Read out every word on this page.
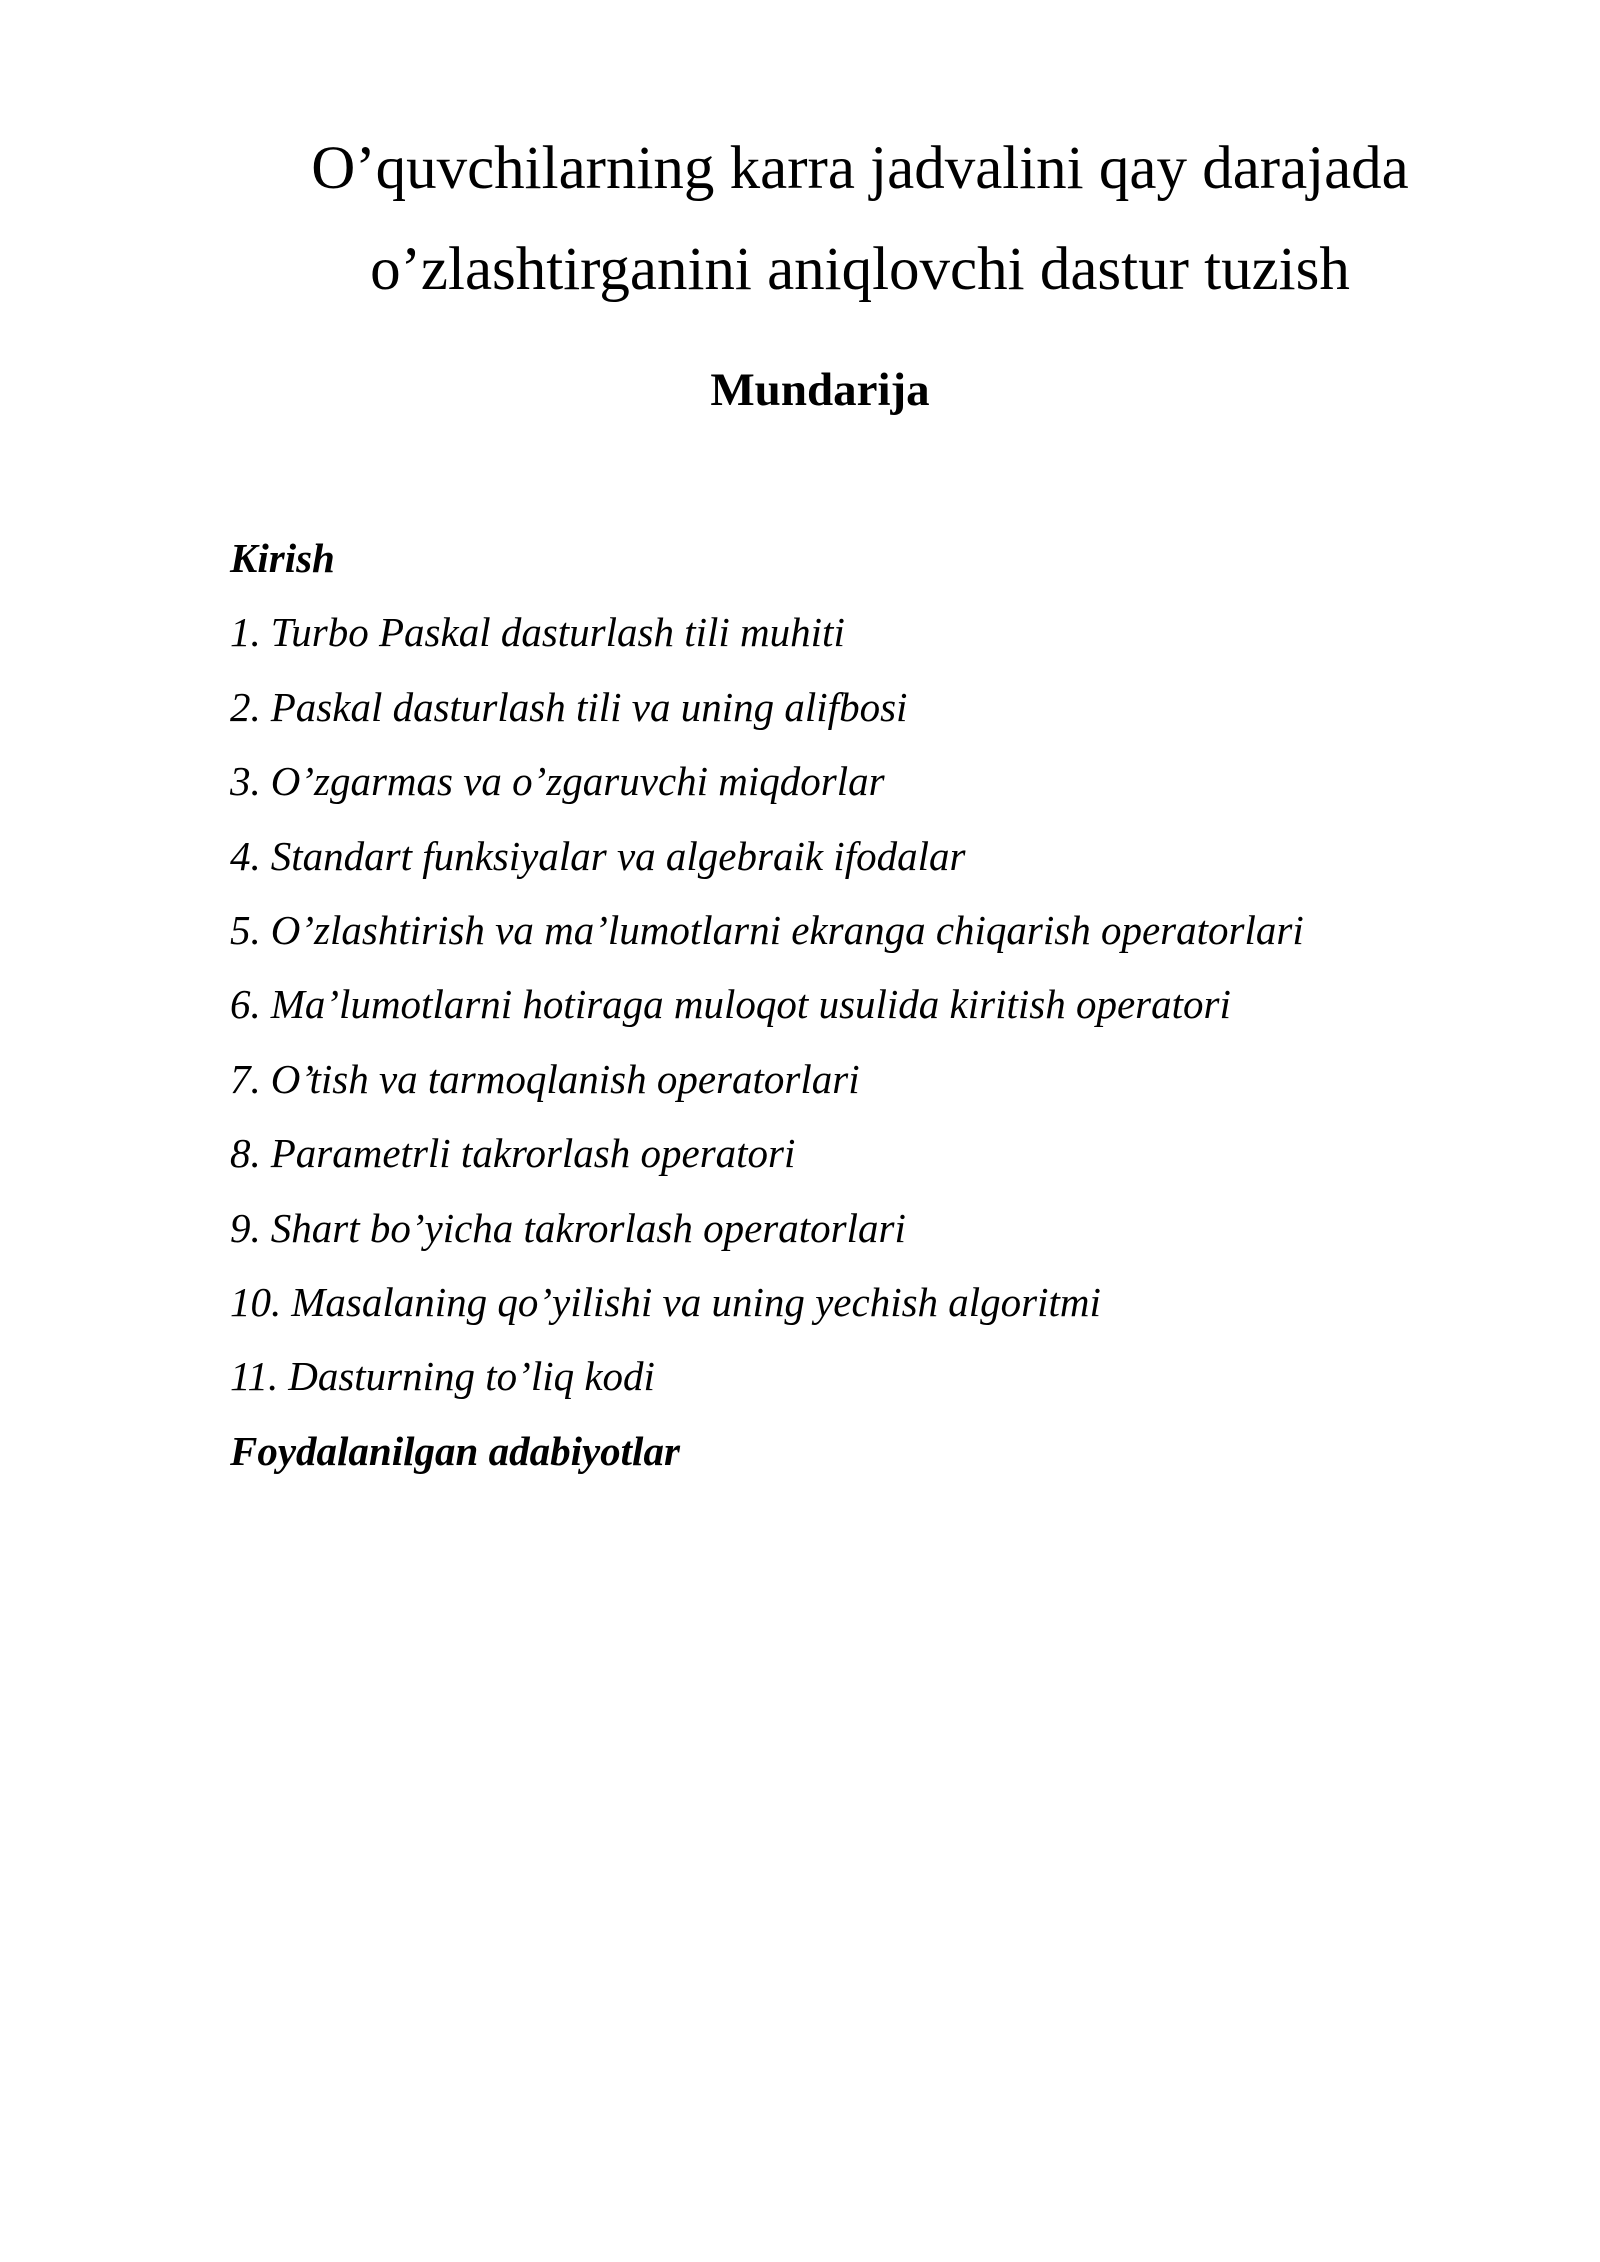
O’quvchilarning karra jadvalini qay darajada
o’zlashtirganini aniqlovchi dastur tuzish
Mundarija
Kirish
1. Turbo Paskal dasturlash tili muhiti
2. Paskal dasturlash tili va uning alifbosi
3. O’zgarmas va o’zgaruvchi miqdorlar
4. Standart funksiyalar va algebraik ifodalar
5. O’zlashtirish va ma’lumotlarni ekranga chiqarish operatorlari
6. Ma’lumotlarni hotiraga muloqot usulida kiritish operatori
7. O’tish va tarmoqlanish operatorlari
8. Parametrli takrorlash operatori
9. Shart bo’yicha takrorlash operatorlari
10. Masalaning qo’yilishi va uning yechish algoritmi
11. Dasturning to’liq kodi
Foydalanilgan adabiyotlar
